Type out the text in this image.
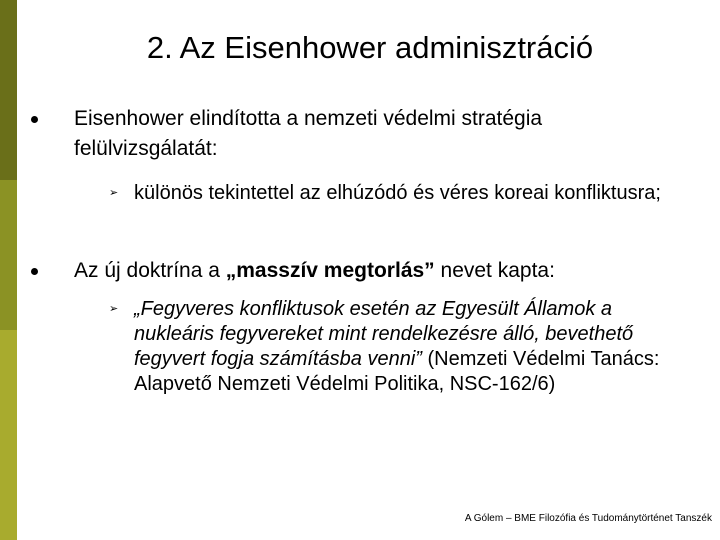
2. Az Eisenhower adminisztráció
Eisenhower elindította a nemzeti védelmi stratégia felülvizsgálatát:
➢ különös tekintettel az elhúzódó és véres koreai konfliktusra;
Az új doktrína a „masszív megtorlás” nevet kapta:
➢ „Fegyveres konfliktusok esetén az Egyesült Államok a nukleáris fegyvereket mint rendelkezésre álló, bevethető fegyvert fogja számításba venni” (Nemzeti Védelmi Tanács: Alapvető Nemzeti Védelmi Politika, NSC-162/6)
A Gólem – BME Filozófia és Tudománytörténet Tanszék
